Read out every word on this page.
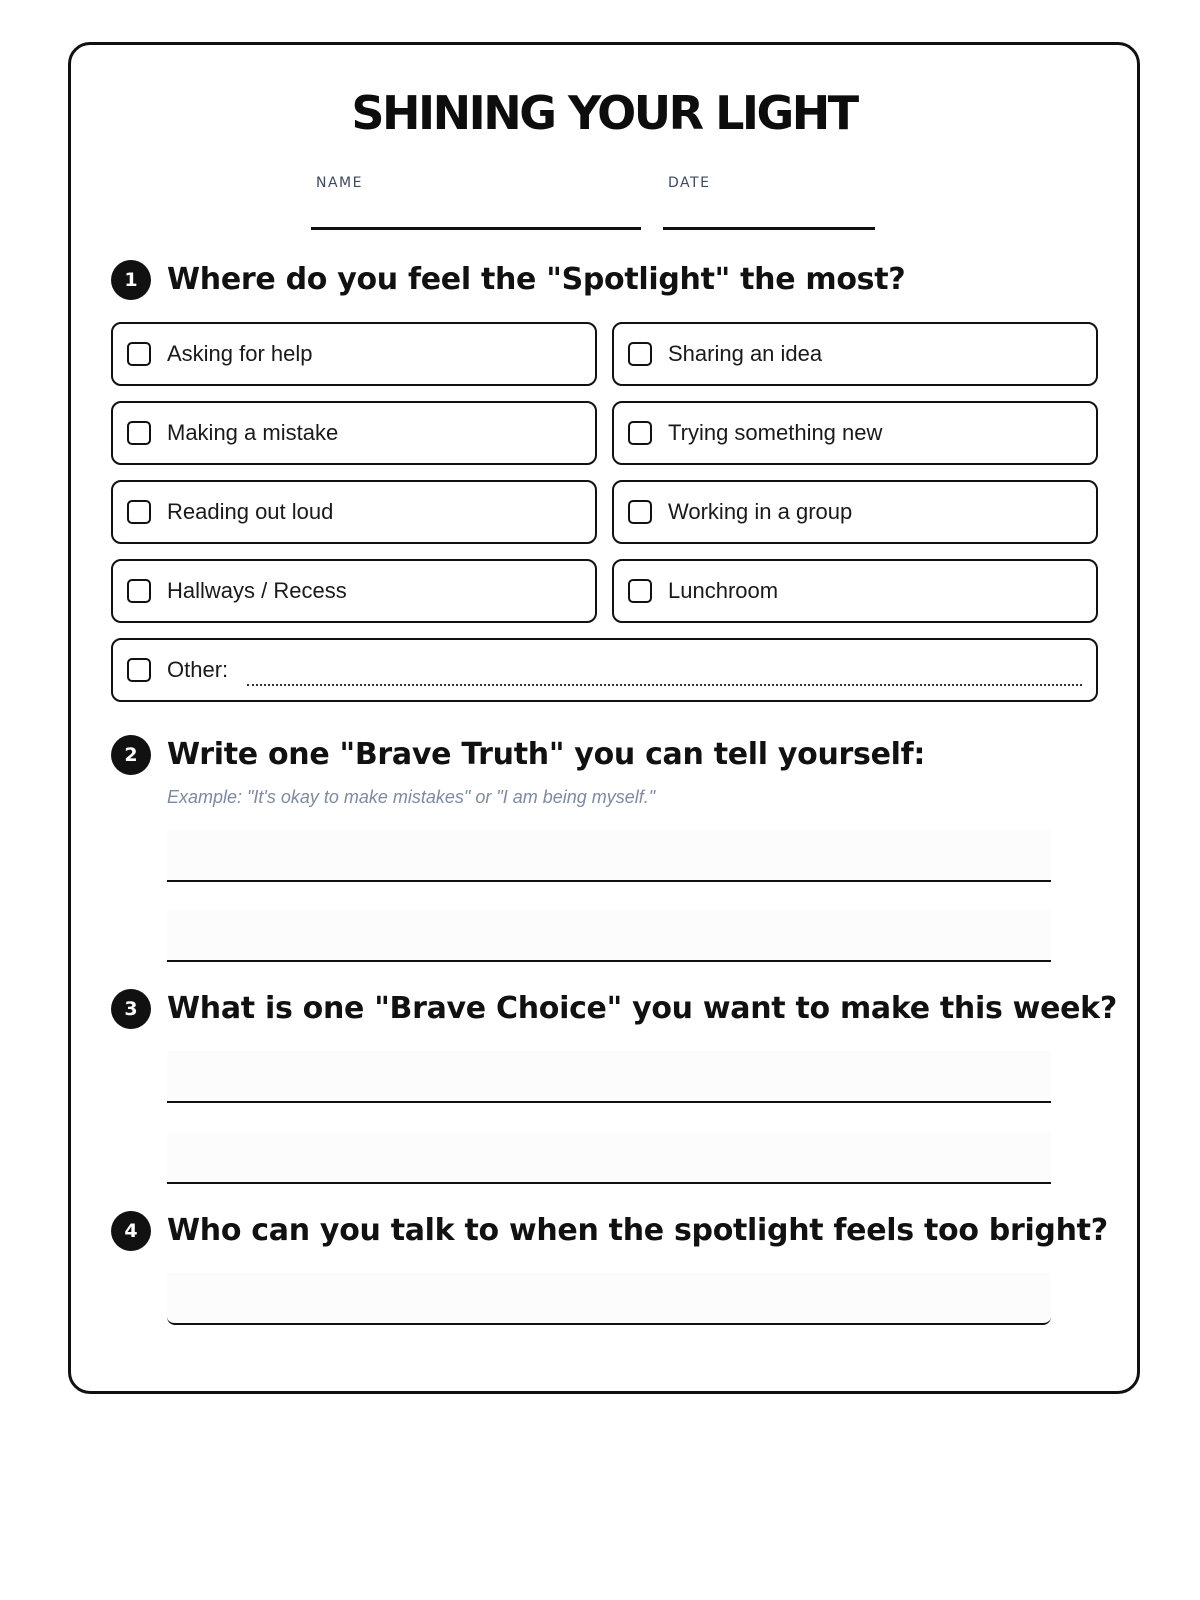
SHINING YOUR LIGHT
NAME	DATE
1 Where do you feel the "Spotlight" the most?
Asking for help	Sharing an idea
Making a mistake	Trying something new
Reading out loud	Working in a group
Hallways / Recess	Lunchroom
Other:
2 Write one "Brave Truth" you can tell yourself:
Example: "It's okay to make mistakes" or "I am being myself."
3 What is one "Brave Choice" you want to make this week?
4 Who can you talk to when the spotlight feels too bright?
